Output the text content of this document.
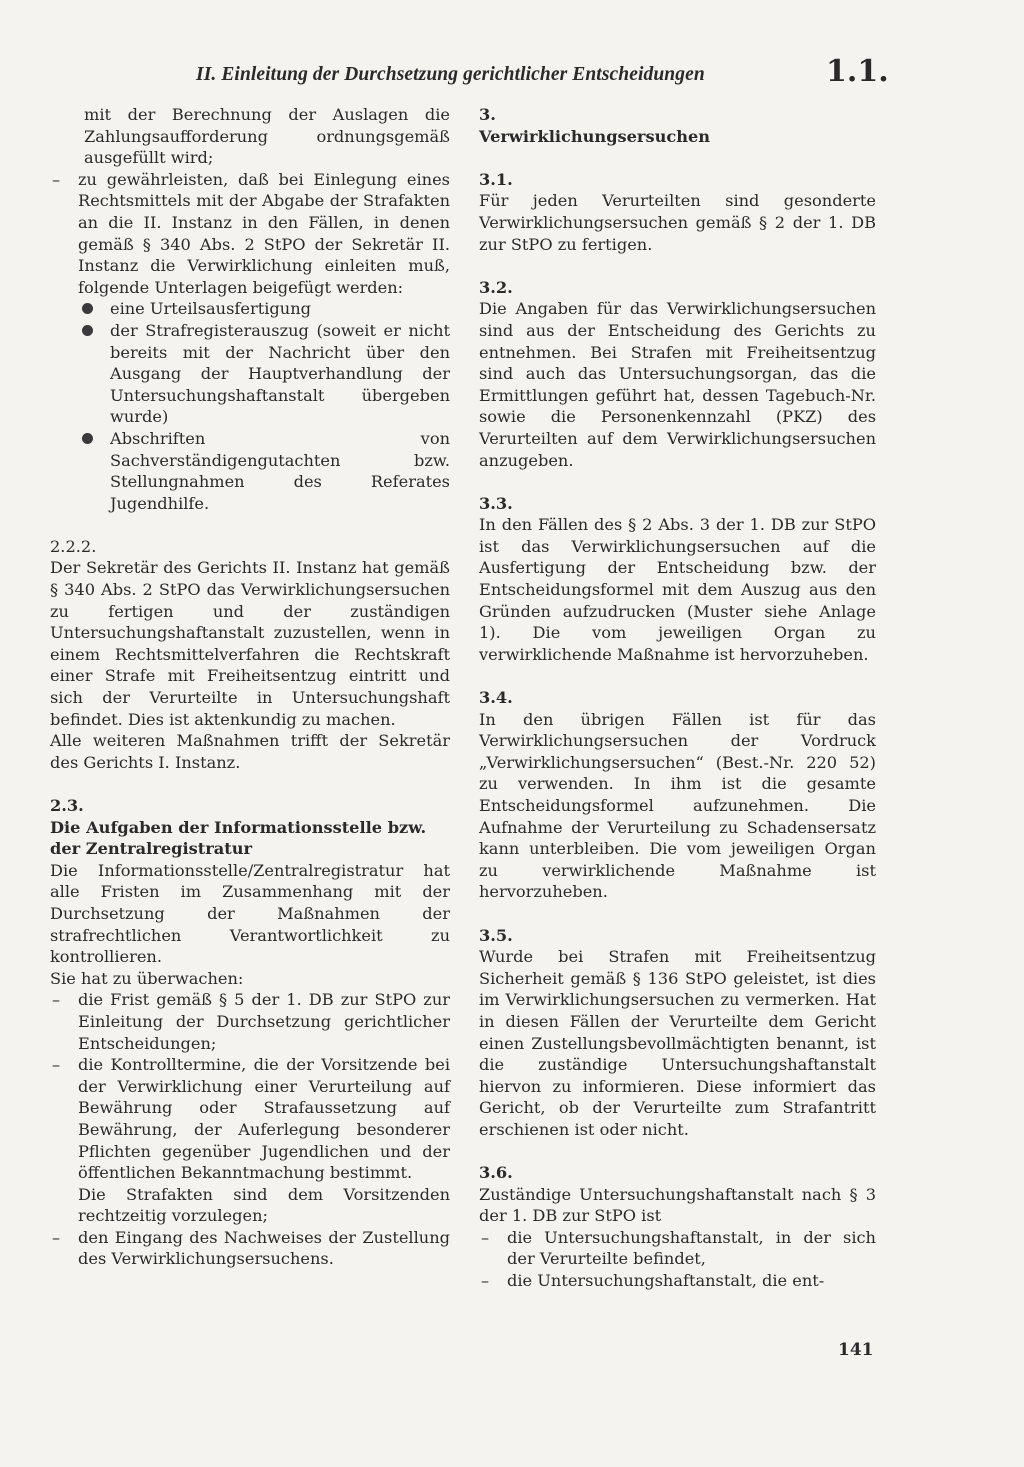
II. Einleitung der Durchsetzung gerichtlicher Entscheidungen	1.1.

mit der Berechnung der Auslagen die Zahlungsaufforderung ordnungsgemäß ausgefüllt wird;

– zu gewährleisten, daß bei Einlegung eines Rechtsmittels mit der Abgabe der Strafakten an die II. Instanz in den Fällen, in denen gemäß § 340 Abs. 2 StPO der Sekretär II. Instanz die Verwirklichung einleiten muß, folgende Unterlagen beigefügt werden:
eine Urteilsausfertigung
der Strafregisterauszug (soweit er nicht bereits mit der Nachricht über den Ausgang der Hauptverhandlung der Untersuchungshaftanstalt übergeben wurde)
Abschriften von Sachverständigengutachten bzw. Stellungnahmen des Referates Jugendhilfe.

2.2.2.

Der Sekretär des Gerichts II. Instanz hat gemäß § 340 Abs. 2 StPO das Verwirklichungsersuchen zu fertigen und der zuständigen Untersuchungshaftanstalt zuzustellen, wenn in einem Rechtsmittelverfahren die Rechtskraft einer Strafe mit Freiheitsentzug eintritt und sich der Verurteilte in Untersuchungshaft befindet. Dies ist aktenkundig zu machen.

Alle weiteren Maßnahmen trifft der Sekretär des Gerichts I. Instanz.

2.3.

Die Aufgaben der Informationsstelle bzw. der Zentralregistratur

Die Informationsstelle/Zentralregistratur hat alle Fristen im Zusammenhang mit der Durchsetzung der Maßnahmen der strafrechtlichen Verantwortlichkeit zu kontrollieren.

Sie hat zu überwachen:

– die Frist gemäß § 5 der 1. DB zur StPO zur Einleitung der Durchsetzung gerichtlicher Entscheidungen;
– die Kontrolltermine, die der Vorsitzende bei der Verwirklichung einer Verurteilung auf Bewährung oder Strafaussetzung auf Bewährung, der Auferlegung besonderer Pflichten gegenüber Jugendlichen und der öffentlichen Bekanntmachung bestimmt.

Die Strafakten sind dem Vorsitzenden rechtzeitig vorzulegen;

– den Eingang des Nachweises der Zustellung des Verwirklichungsersuchens.

3.

Verwirklichungsersuchen

3.1.

Für jeden Verurteilten sind gesonderte Verwirklichungsersuchen gemäß § 2 der 1. DB zur StPO zu fertigen.

3.2.

Die Angaben für das Verwirklichungsersuchen sind aus der Entscheidung des Gerichts zu entnehmen. Bei Strafen mit Freiheitsentzug sind auch das Untersuchungsorgan, das die Ermittlungen geführt hat, dessen Tagebuch-Nr. sowie die Personenkennzahl (PKZ) des Verurteilten auf dem Verwirklichungsersuchen anzugeben.

3.3.

In den Fällen des § 2 Abs. 3 der 1. DB zur StPO ist das Verwirklichungsersuchen auf die Ausfertigung der Entscheidung bzw. der Entscheidungsformel mit dem Auszug aus den Gründen aufzudrucken (Muster siehe Anlage 1). Die vom jeweiligen Organ zu verwirklichende Maßnahme ist hervorzuheben.

3.4.

In den übrigen Fällen ist für das Verwirklichungsersuchen der Vordruck „Verwirklichungsersuchen“ (Best.-Nr. 220 52) zu verwenden. In ihm ist die gesamte Entscheidungsformel aufzunehmen. Die Aufnahme der Verurteilung zu Schadensersatz kann unterbleiben. Die vom jeweiligen Organ zu verwirklichende Maßnahme ist hervorzuheben.

3.5.

Wurde bei Strafen mit Freiheitsentzug Sicherheit gemäß § 136 StPO geleistet, ist dies im Verwirklichungsersuchen zu vermerken. Hat in diesen Fällen der Verurteilte dem Gericht einen Zustellungsbevollmächtigten benannt, ist die zuständige Untersuchungshaftanstalt hiervon zu informieren. Diese informiert das Gericht, ob der Verurteilte zum Strafantritt erschienen ist oder nicht.

3.6.

Zuständige Untersuchungshaftanstalt nach § 3 der 1. DB zur StPO ist

– die Untersuchungshaftanstalt, in der sich der Verurteilte befindet,
– die Untersuchungshaftanstalt, die ent-
141
